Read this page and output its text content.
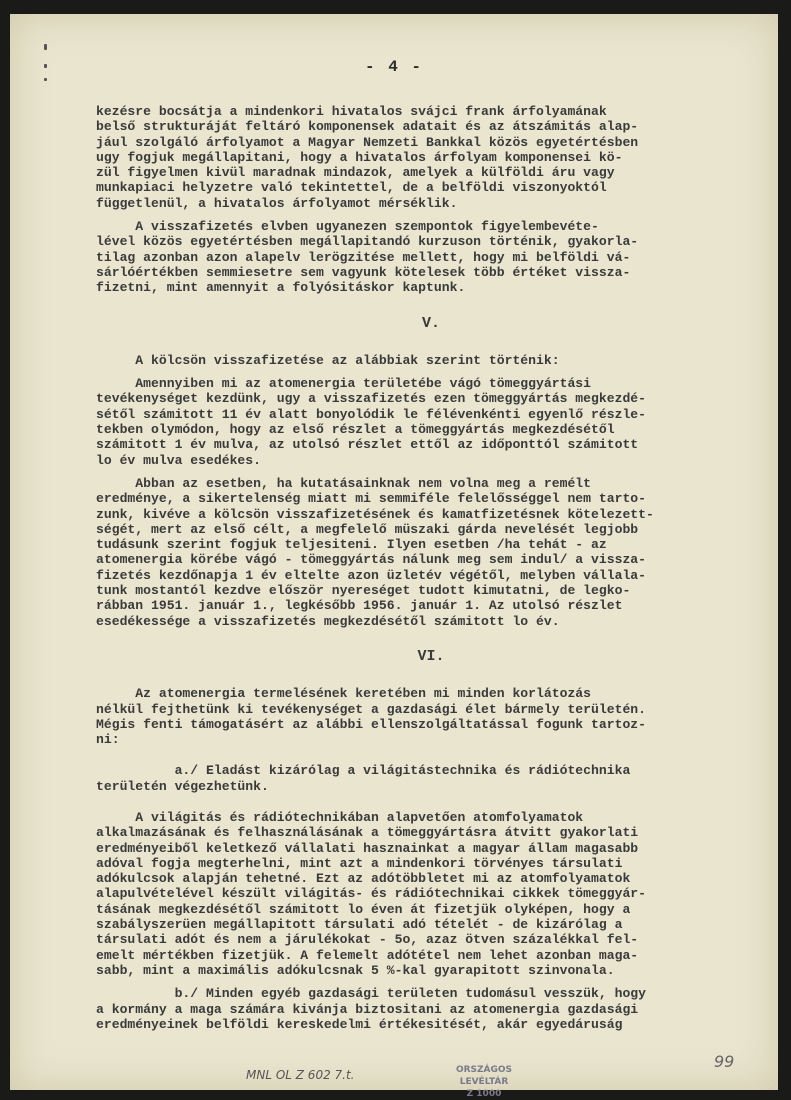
- 4 -

kezésre bocsátja a mindenkori hivatalos svájci frank árfolyamának

belső strukturáját feltáró komponensek adatait és az átszámitás alap-

jául szolgáló árfolyamot a Magyar Nemzeti Bankkal közös egyetértésben

ugy fogjuk megállapitani, hogy a hivatalos árfolyam komponensei kö-

zül figyelmen kivül maradnak mindazok, amelyek a külföldi áru vagy

munkapiaci helyzetre való tekintettel, de a belföldi viszonyoktól

függetlenül, a hivatalos árfolyamot mérséklik.

A visszafizetés elvben ugyanezen szempontok figyelembevéte-

lével közös egyetértésben megállapitandó kurzuson történik, gyakorla-

tilag azonban azon alapelv lerögzitése mellett, hogy mi belföldi vá-

sárlóértékben semmiesetre sem vagyunk kötelesek több értéket vissza-

fizetni, mint amennyit a folyósitáskor kaptunk.

V.

A kölcsön visszafizetése az alábbiak szerint történik:

Amennyiben mi az atomenergia területébe vágó tömeggyártási

tevékenységet kezdünk, ugy a visszafizetés ezen tömeggyártás megkezdé-

sétől számitott 11 év alatt bonyolódik le félévenkénti egyenlő részle-

tekben olymódon, hogy az első részlet a tömeggyártás megkezdésétől

számitott 1 év mulva, az utolsó részlet ettől az időponttól számitott

lo év mulva esedékes.

Abban az esetben, ha kutatásainknak nem volna meg a remélt

eredménye, a sikertelenség miatt mi semmiféle felelősséggel nem tarto-

zunk, kivéve a kölcsön visszafizetésének és kamatfizetésnek kötelezett-

ségét, mert az első célt, a megfelelő müszaki gárda nevelését legjobb

tudásunk szerint fogjuk teljesiteni. Ilyen esetben /ha tehát - az

atomenergia körébe vágó - tömeggyártás nálunk meg sem indul/ a vissza-

fizetés kezdőnapja 1 év eltelte azon üzletév végétől, melyben vállala-

tunk mostantól kezdve először nyereséget tudott kimutatni, de legko-

rábban 1951. január 1., legkésőbb 1956. január 1. Az utolsó részlet

esedékessége a visszafizetés megkezdésétől számitott lo év.

VI.

Az atomenergia termelésének keretében mi minden korlátozás

nélkül fejthetünk ki tevékenységet a gazdasági élet bármely területén.

Mégis fenti támogatásért az alábbi ellenszolgáltatással fogunk tartoz-

ni:

a./ Eladást kizárólag a világitástechnika és rádiótechnika

területén végezhetünk.

A világitás és rádiótechnikában alapvetően atomfolyamatok

alkalmazásának és felhasználásának a tömeggyártásra átvitt gyakorlati

eredményeiből keletkező vállalati hasznainkat a magyar állam magasabb

adóval fogja megterhelni, mint azt a mindenkori törvényes társulati

adókulcsok alapján tehetné. Ezt az adótöbbletet mi az atomfolyamatok

alapulvételével készült világitás- és rádiótechnikai cikkek tömeggyár-

tásának megkezdésétől számitott lo éven át fizetjük olyképen, hogy a

szabályszerüen megállapitott társulati adó tételét - de kizárólag a

társulati adót és nem a járulékokat - 5o, azaz ötven százalékkal fel-

emelt mértékben fizetjük. A felemelt adótétel nem lehet azonban maga-

sabb, mint a maximális adókulcsnak 5 %-kal gyarapitott szinvonala.

b./ Minden egyéb gazdasági területen tudomásul vesszük, hogy

a kormány a maga számára kivánja biztositani az atomenergia gazdasági

eredményeinek belföldi kereskedelmi értékesitését, akár egyedáruság

MNL OL Z 602 7.t.	ORSZÁGOS LEVÉLTÁR
Z 1000
99
